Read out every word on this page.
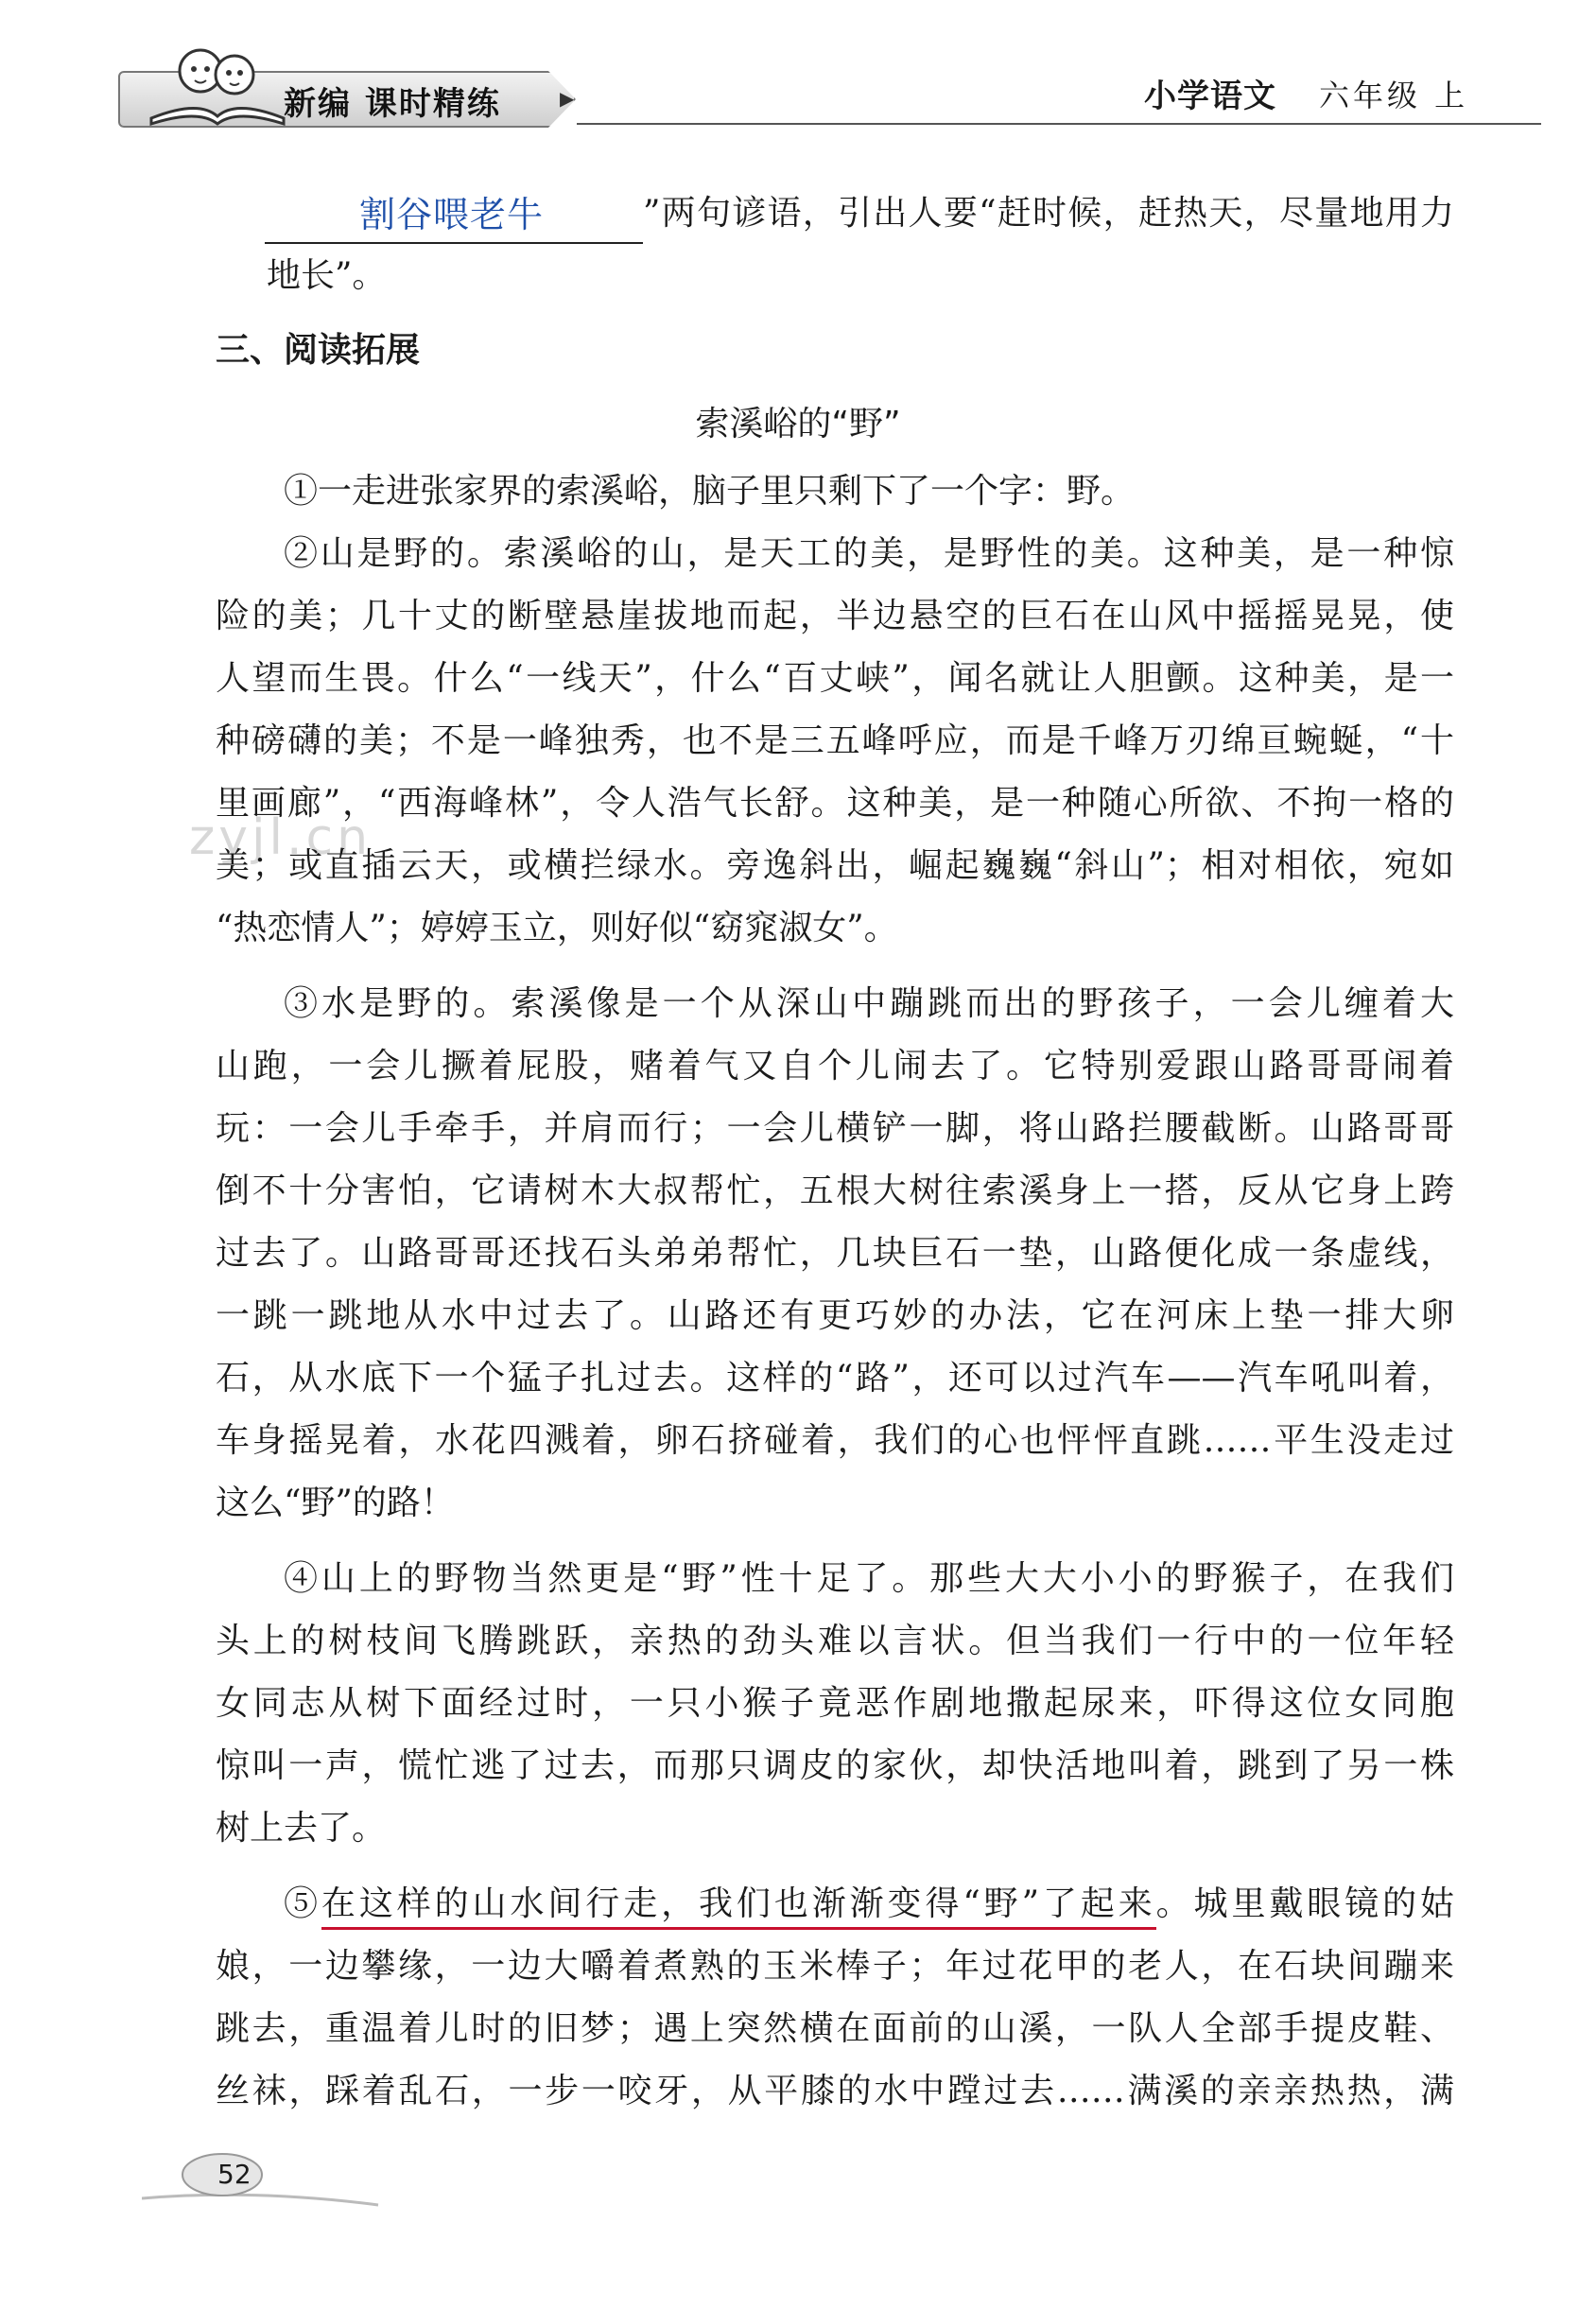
新编 课时精练	▶	小学语文 六年级 上
zyjl.cn
割谷喂老牛	”两句谚语，引出人要“赶时候，赶热天，尽量地用力
地长”。
三、阅读拓展
索溪峪的“野”
①一走进张家界的索溪峪，脑子里只剩下了一个字：野。
②山是野的。索溪峪的山，是天工的美，是野性的美。这种美，是一种惊
险的美；几十丈的断壁悬崖拔地而起，半边悬空的巨石在山风中摇摇晃晃，使
人望而生畏。什么“一线天”，什么“百丈峡”，闻名就让人胆颤。这种美，是一
种磅礴的美；不是一峰独秀，也不是三五峰呼应，而是千峰万刃绵亘蜿蜒，“十
里画廊”，“西海峰林”，令人浩气长舒。这种美，是一种随心所欲、不拘一格的
美；或直插云天，或横拦绿水。旁逸斜出，崛起巍巍“斜山”；相对相依，宛如
“热恋情人”；婷婷玉立，则好似“窈窕淑女”。
③水是野的。索溪像是一个从深山中蹦跳而出的野孩子，一会儿缠着大
山跑，一会儿撅着屁股，赌着气又自个儿闹去了。它特别爱跟山路哥哥闹着
玩：一会儿手牵手，并肩而行；一会儿横铲一脚，将山路拦腰截断。山路哥哥
倒不十分害怕，它请树木大叔帮忙，五根大树往索溪身上一搭，反从它身上跨
过去了。山路哥哥还找石头弟弟帮忙，几块巨石一垫，山路便化成一条虚线，
一跳一跳地从水中过去了。山路还有更巧妙的办法，它在河床上垫一排大卵
石，从水底下一个猛子扎过去。这样的“路”，还可以过汽车——汽车吼叫着，
车身摇晃着，水花四溅着，卵石挤碰着，我们的心也怦怦直跳……平生没走过
这么“野”的路！
④山上的野物当然更是“野”性十足了。那些大大小小的野猴子，在我们
头上的树枝间飞腾跳跃，亲热的劲头难以言状。但当我们一行中的一位年轻
女同志从树下面经过时，一只小猴子竟恶作剧地撒起尿来，吓得这位女同胞
惊叫一声，慌忙逃了过去，而那只调皮的家伙，却快活地叫着，跳到了另一株
树上去了。
⑤在这样的山水间行走，我们也渐渐变得“野”了起来。城里戴眼镜的姑
娘，一边攀缘，一边大嚼着煮熟的玉米棒子；年过花甲的老人，在石块间蹦来
跳去，重温着儿时的旧梦；遇上突然横在面前的山溪，一队人全部手提皮鞋、
丝袜，踩着乱石，一步一咬牙，从平膝的水中蹚过去……满溪的亲亲热热，满
52
